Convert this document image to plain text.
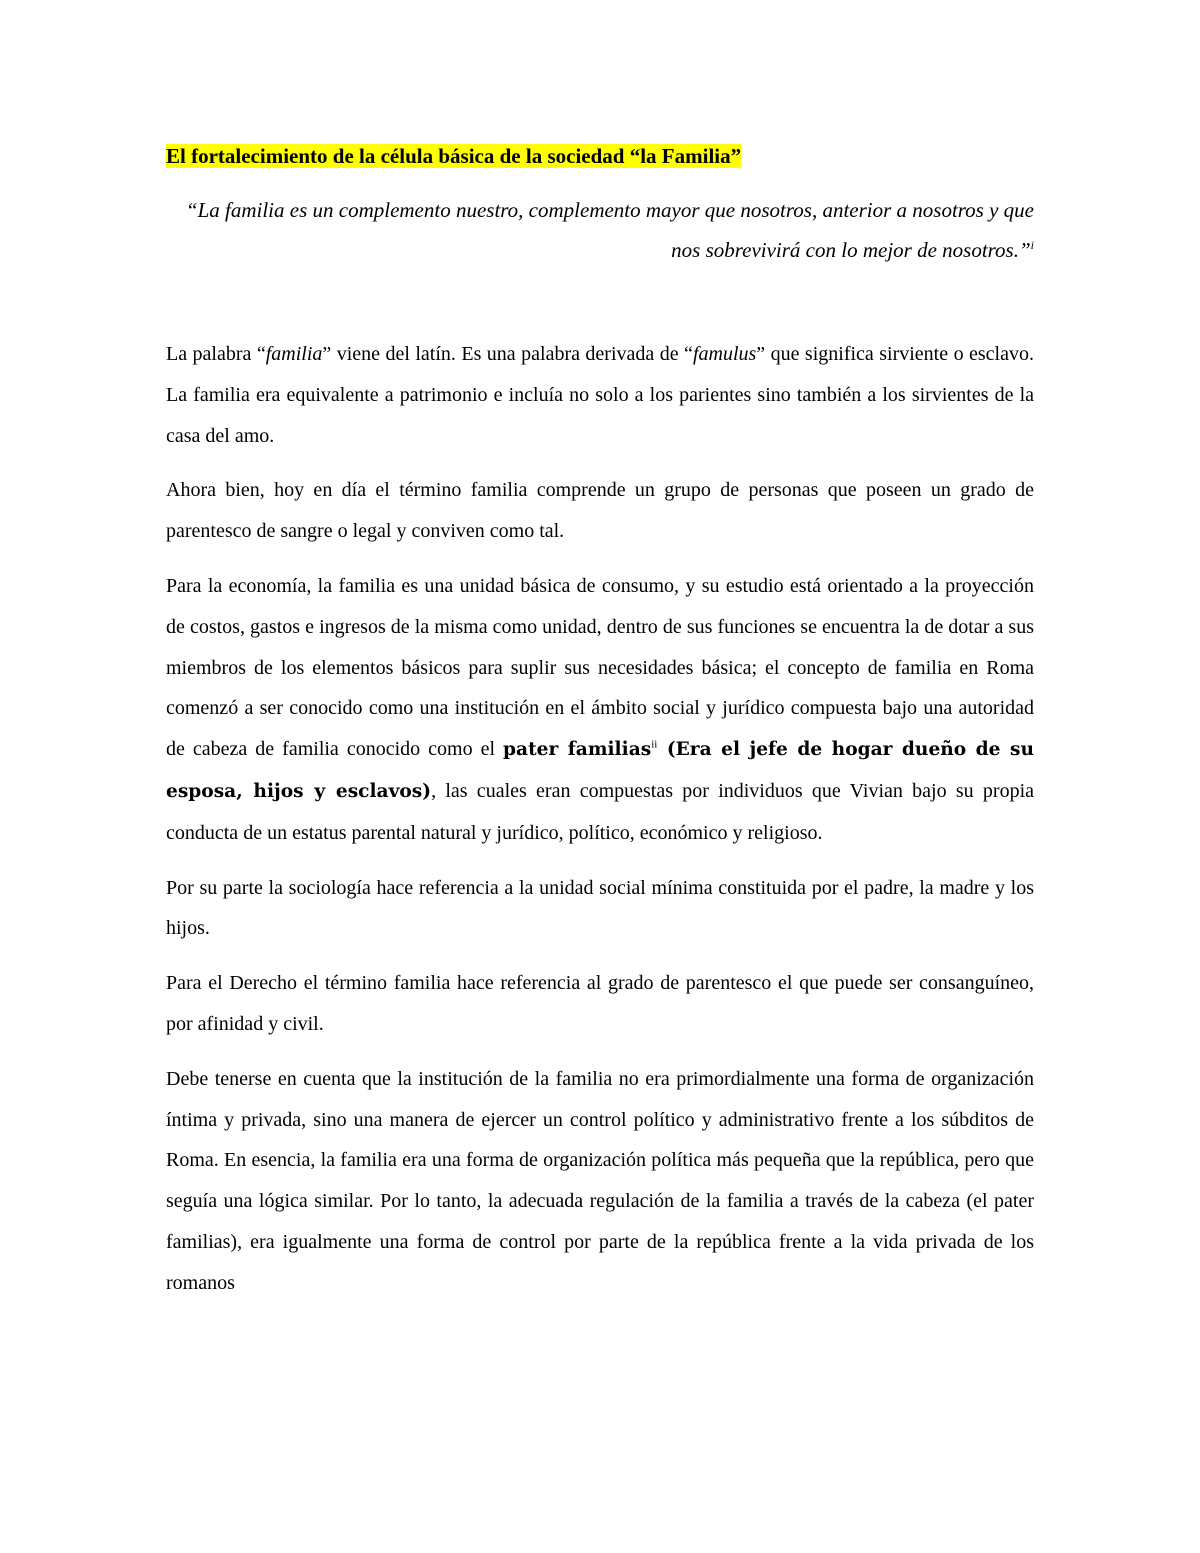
El fortalecimiento de la célula básica de la sociedad “la Familia”

“La familia es un complemento nuestro, complemento mayor que nosotros, anterior a nosotros y que nos sobrevivirá con lo mejor de nosotros.”$^i$

La palabra “familia” viene del latín. Es una palabra derivada de “famulus” que significa sirviente o esclavo. La familia era equivalente a patrimonio e incluía no solo a los parientes sino también a los sirvientes de la casa del amo.

Ahora bien, hoy en día el término familia comprende un grupo de personas que poseen un grado de parentesco de sangre o legal y conviven como tal.

Para la economía, la familia es una unidad básica de consumo, y su estudio está orientado a la proyección de costos, gastos e ingresos de la misma como unidad, dentro de sus funciones se encuentra la de dotar a sus miembros de los elementos básicos para suplir sus necesidades básica; el concepto de familia en Roma comenzó a ser conocido como una institución en el ámbito social y jurídico compuesta bajo una autoridad de cabeza de familia conocido como el pater familias$^{ii}$ (Era el jefe de hogar dueño de su esposa, hijos y esclavos), las cuales eran compuestas por individuos que Vivian bajo su propia conducta de un estatus parental natural y jurídico, político, económico y religioso.

Por su parte la sociología hace referencia a la unidad social mínima constituida por el padre, la madre y los hijos.

Para el Derecho el término familia hace referencia al grado de parentesco el que puede ser consanguíneo, por afinidad y civil.

Debe tenerse en cuenta que la institución de la familia no era primordialmente una forma de organización íntima y privada, sino una manera de ejercer un control político y administrativo frente a los súbditos de Roma. En esencia, la familia era una forma de organización política más pequeña que la república, pero que seguía una lógica similar. Por lo tanto, la adecuada regulación de la familia a través de la cabeza (el pater familias), era igualmente una forma de control por parte de la república frente a la vida privada de los romanos
